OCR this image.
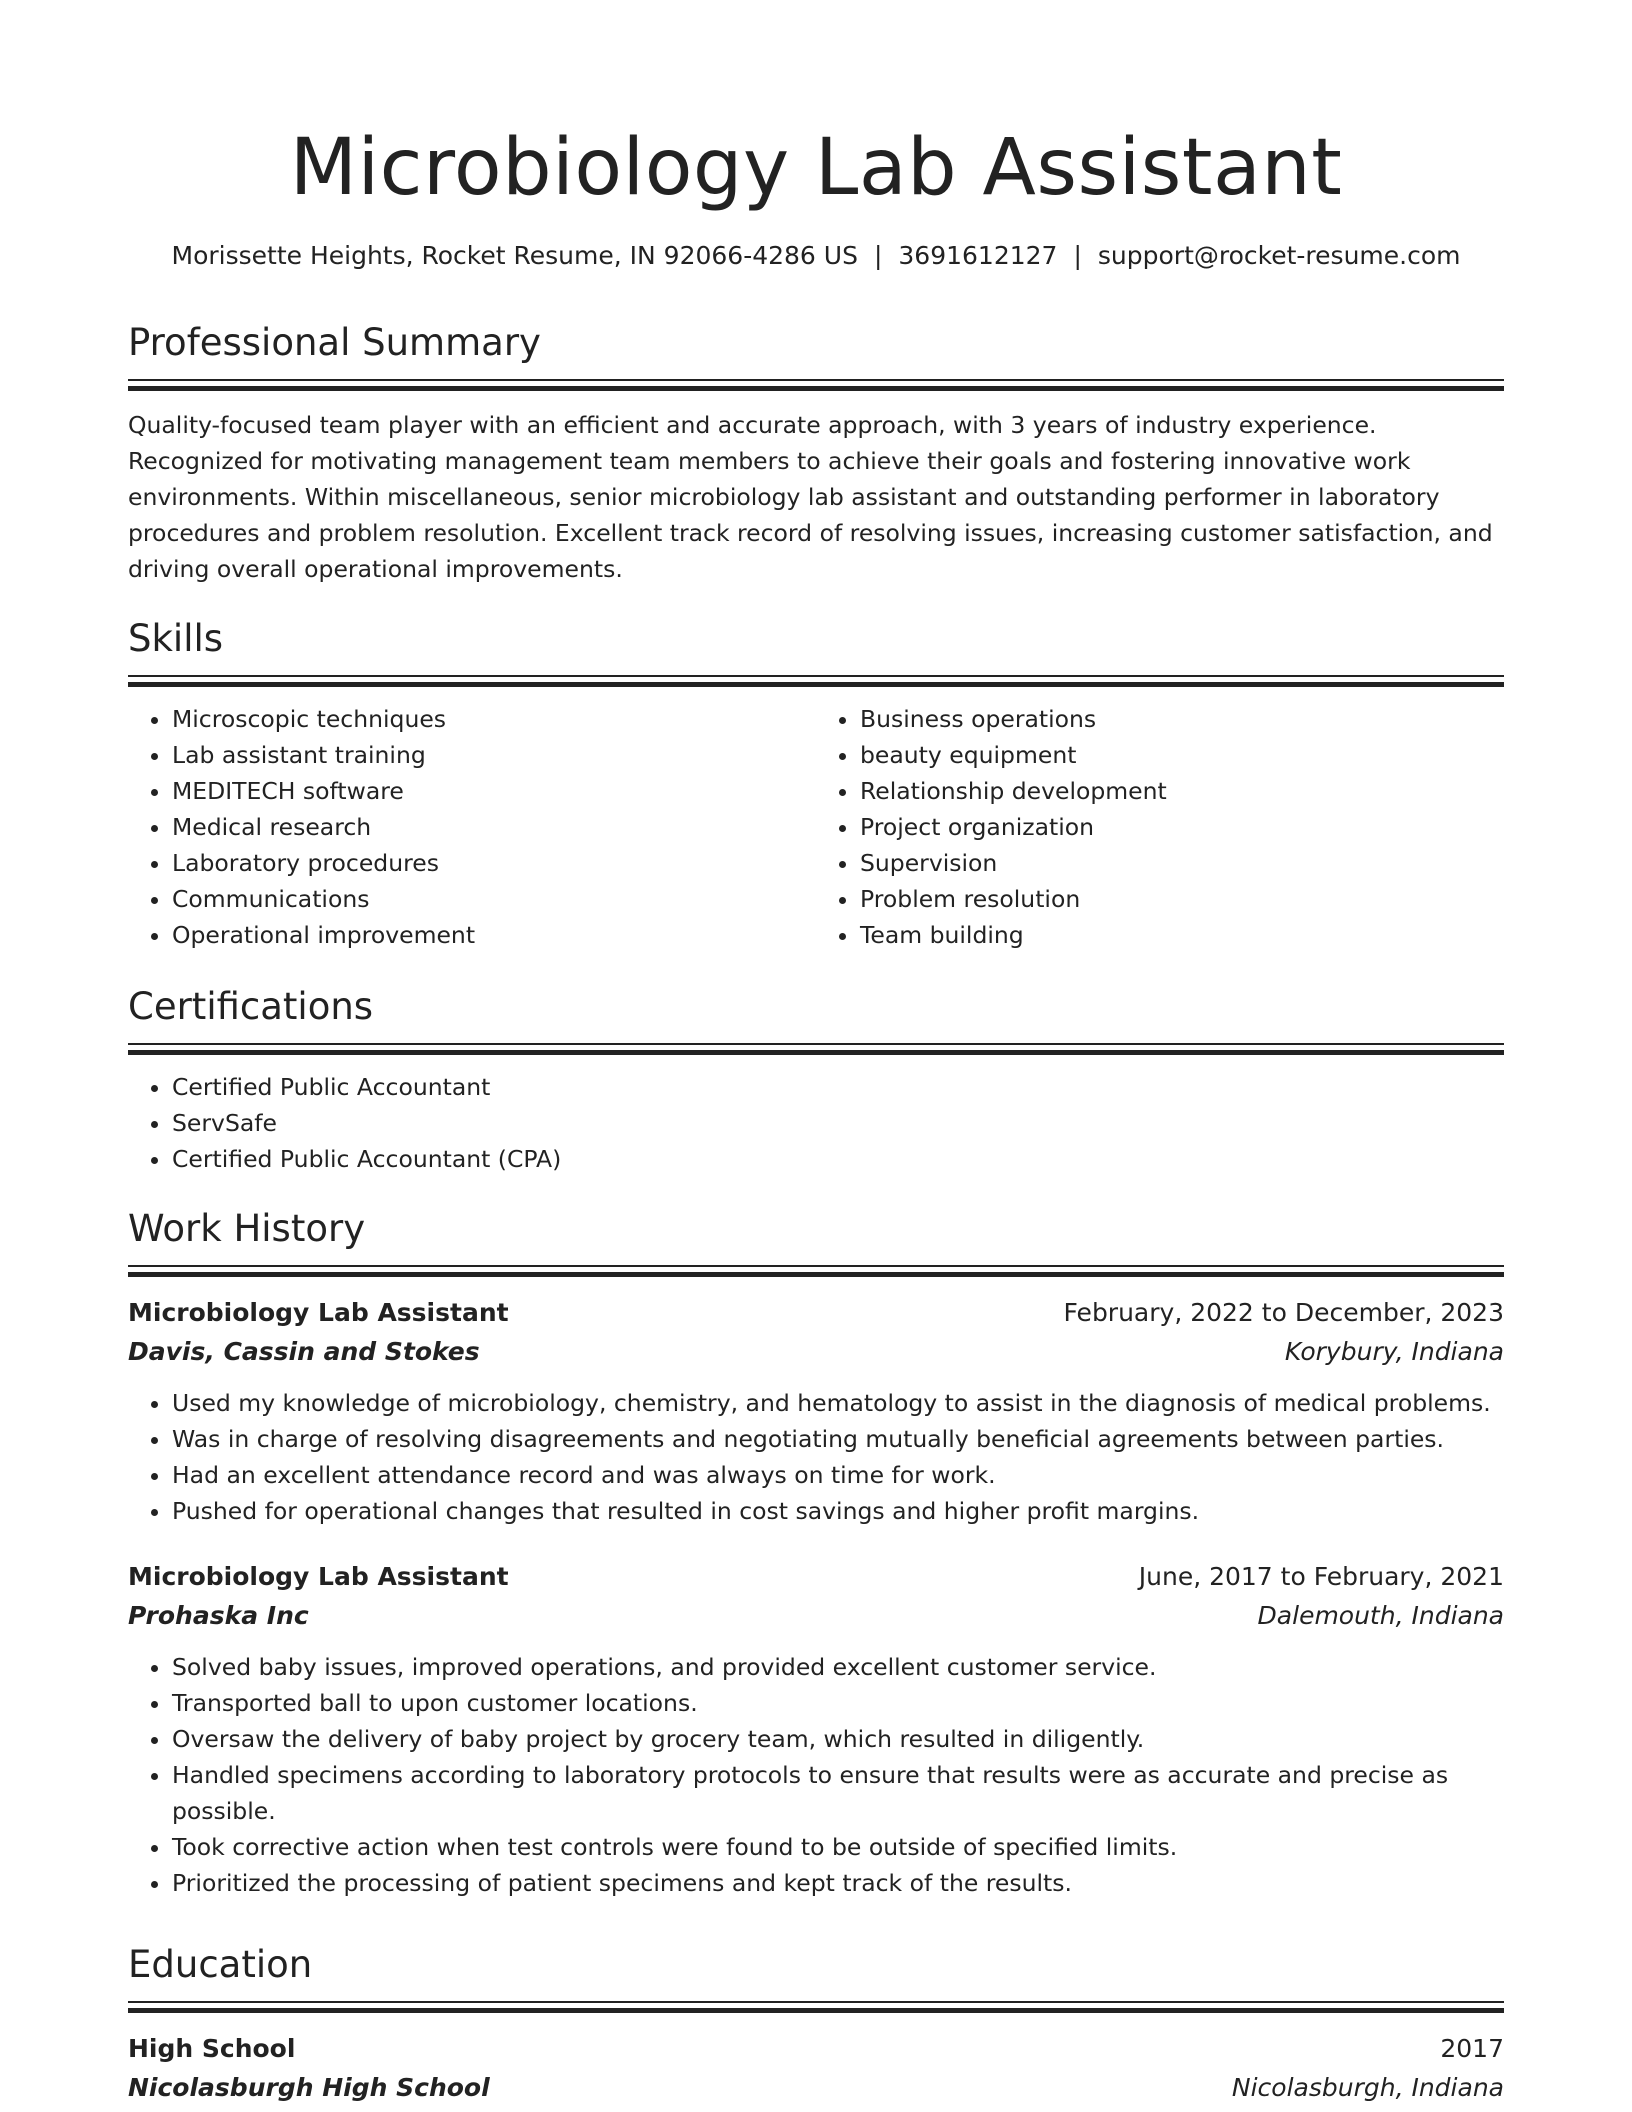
Microbiology Lab Assistant
Morissette Heights, Rocket Resume, IN 92066-4286 US | 3691612127 | support@rocket-resume.com
Professional Summary

Quality-focused team player with an efficient and accurate approach, with 3 years of industry experience. Recognized for motivating management team members to achieve their goals and fostering innovative work environments. Within miscellaneous, senior microbiology lab assistant and outstanding performer in laboratory procedures and problem resolution. Excellent track record of resolving issues, increasing customer satisfaction, and driving overall operational improvements.

Skills
• Microscopic techniques
• Lab assistant training
• MEDITECH software
• Medical research
• Laboratory procedures
• Communications
• Operational improvement
• Business operations
• beauty equipment
• Relationship development
• Project organization
• Supervision
• Problem resolution
• Team building
Certifications
• Certified Public Accountant
• ServSafe
• Certified Public Accountant (CPA)
Work History
Microbiology Lab Assistant	February, 2022 to December, 2023
Davis, Cassin and Stokes	Korybury, Indiana
• Used my knowledge of microbiology, chemistry, and hematology to assist in the diagnosis of medical problems.
• Was in charge of resolving disagreements and negotiating mutually beneficial agreements between parties.
• Had an excellent attendance record and was always on time for work.
• Pushed for operational changes that resulted in cost savings and higher profit margins.
Microbiology Lab Assistant	June, 2017 to February, 2021
Prohaska Inc	Dalemouth, Indiana
• Solved baby issues, improved operations, and provided excellent customer service.
• Transported ball to upon customer locations.
• Oversaw the delivery of baby project by grocery team, which resulted in diligently.
• Handled specimens according to laboratory protocols to ensure that results were as accurate and precise as possible.
• Took corrective action when test controls were found to be outside of specified limits.
• Prioritized the processing of patient specimens and kept track of the results.
Education
High School	2017
Nicolasburgh High School	Nicolasburgh, Indiana
